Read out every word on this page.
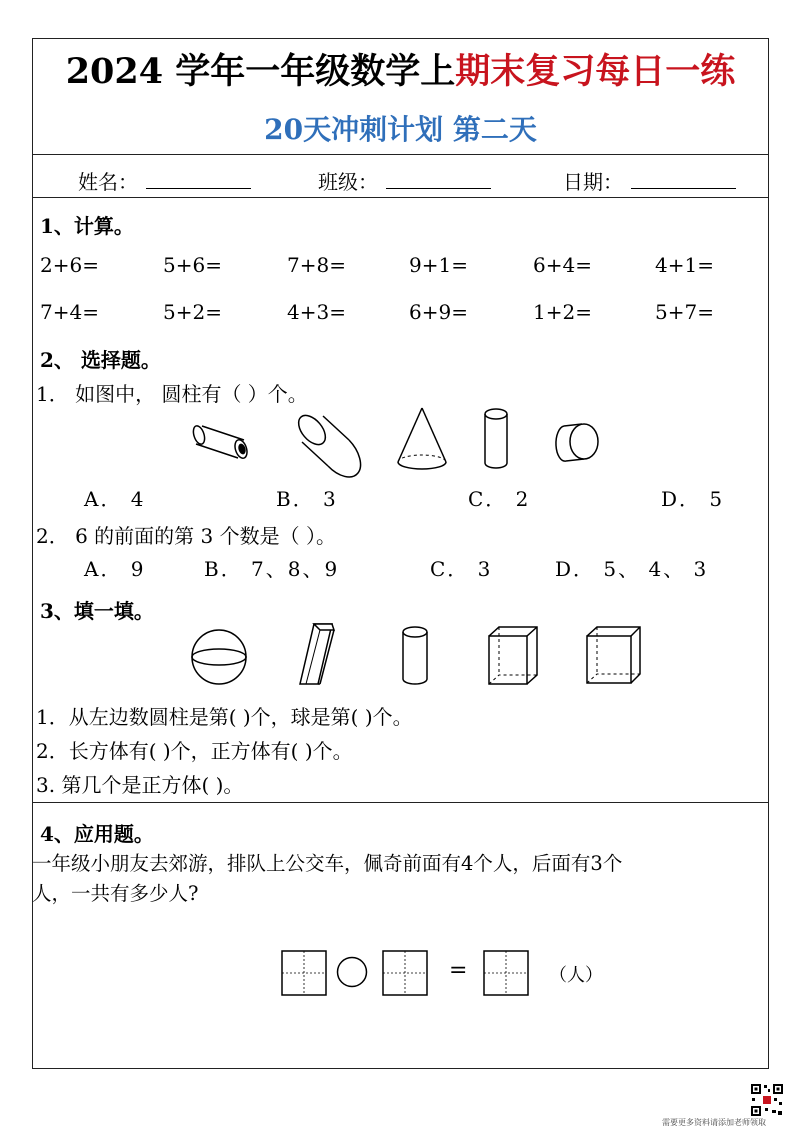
2024 学年一年级数学上期末复习每日一练
20天冲刺计划 第二天
姓名：	班级：	日期：
1、计算。
2+6=	5+6=	7+8=	9+1=	6+4=	4+1=
7+4=	5+2=	4+3=	6+9=	1+2=	5+7=
2、 选择题。
1． 如图中， 圆柱有（ ）个。
A． 4	B． 3	C． 2	D． 5
2． 6 的前面的第 3 个数是（ ）。
A． 9	B． 7、8、9	C． 3	D． 5、 4、 3
3、填一填。
1．从左边数圆柱是第( )个，球是第( )个。
2．长方体有( )个，正方体有( )个。
3. 第几个是正方体( )。
4、应用题。
一年级小朋友去郊游，排队上公交车，佩奇前面有4个人，后面有3个
人，一共有多少人?
=	（人）
需要更多资料请添加老师领取
